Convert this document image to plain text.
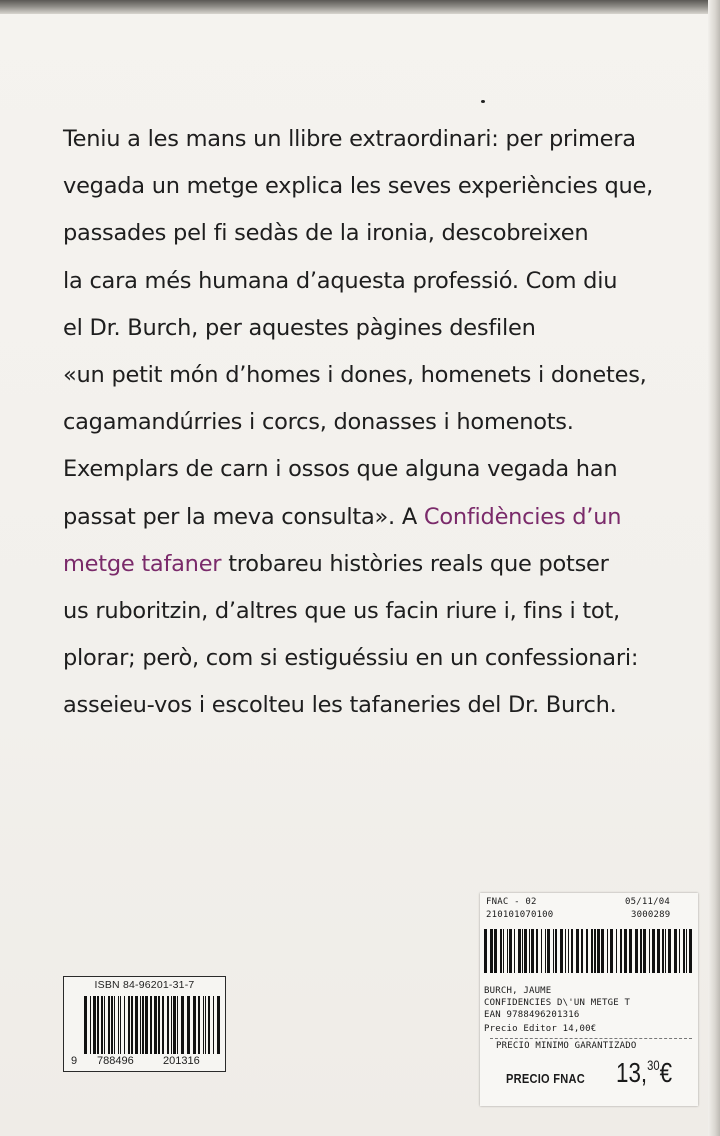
Teniu a les mans un llibre extraordinari: per primera
vegada un metge explica les seves experiències que,
passades pel fi sedàs de la ironia, descobreixen
la cara més humana d’aquesta professió. Com diu
el Dr. Burch, per aquestes pàgines desfilen
«un petit món d’homes i dones, homenets i donetes,
cagamandúrries i corcs, donasses i homenots.
Exemplars de carn i ossos que alguna vegada han
passat per la meva consulta». A Confidències d’un
metge tafaner trobareu històries reals que potser
us ruboritzin, d’altres que us facin riure i, fins i tot,
plorar; però, com si estiguéssiu en un confessionari:
asseieu-vos i escolteu les tafaneries del Dr. Burch.
ISBN 84-96201-31-7
9 788496	201316
FNAC - 02	05/11/04
210101070100	3000289
BURCH, JAUME
CONFIDENCIES D\'UN METGE T
EAN 9788496201316
Precio Editor 14,00€
PRECIO MINIMO GARANTIZADO
PRECIO FNAC 13,30€
